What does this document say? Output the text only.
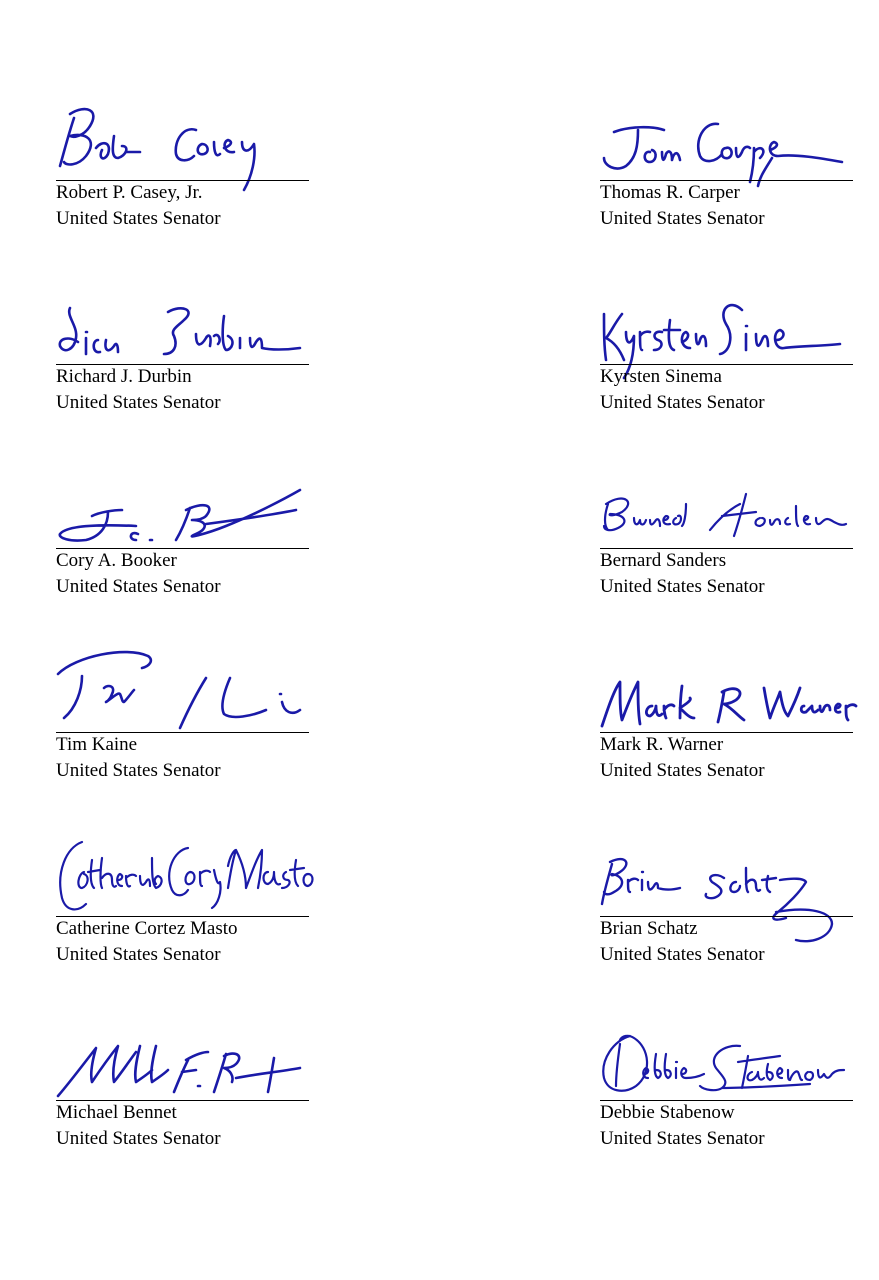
Robert P. Casey, Jr.
United States Senator
Thomas R. Carper
United States Senator
Richard J. Durbin
United States Senator
Kyrsten Sinema
United States Senator
Cory A. Booker
United States Senator
Bernard Sanders
United States Senator
Tim Kaine
United States Senator
Mark R. Warner
United States Senator
Catherine Cortez Masto
United States Senator
Brian Schatz
United States Senator
Michael Bennet
United States Senator
Debbie Stabenow
United States Senator
